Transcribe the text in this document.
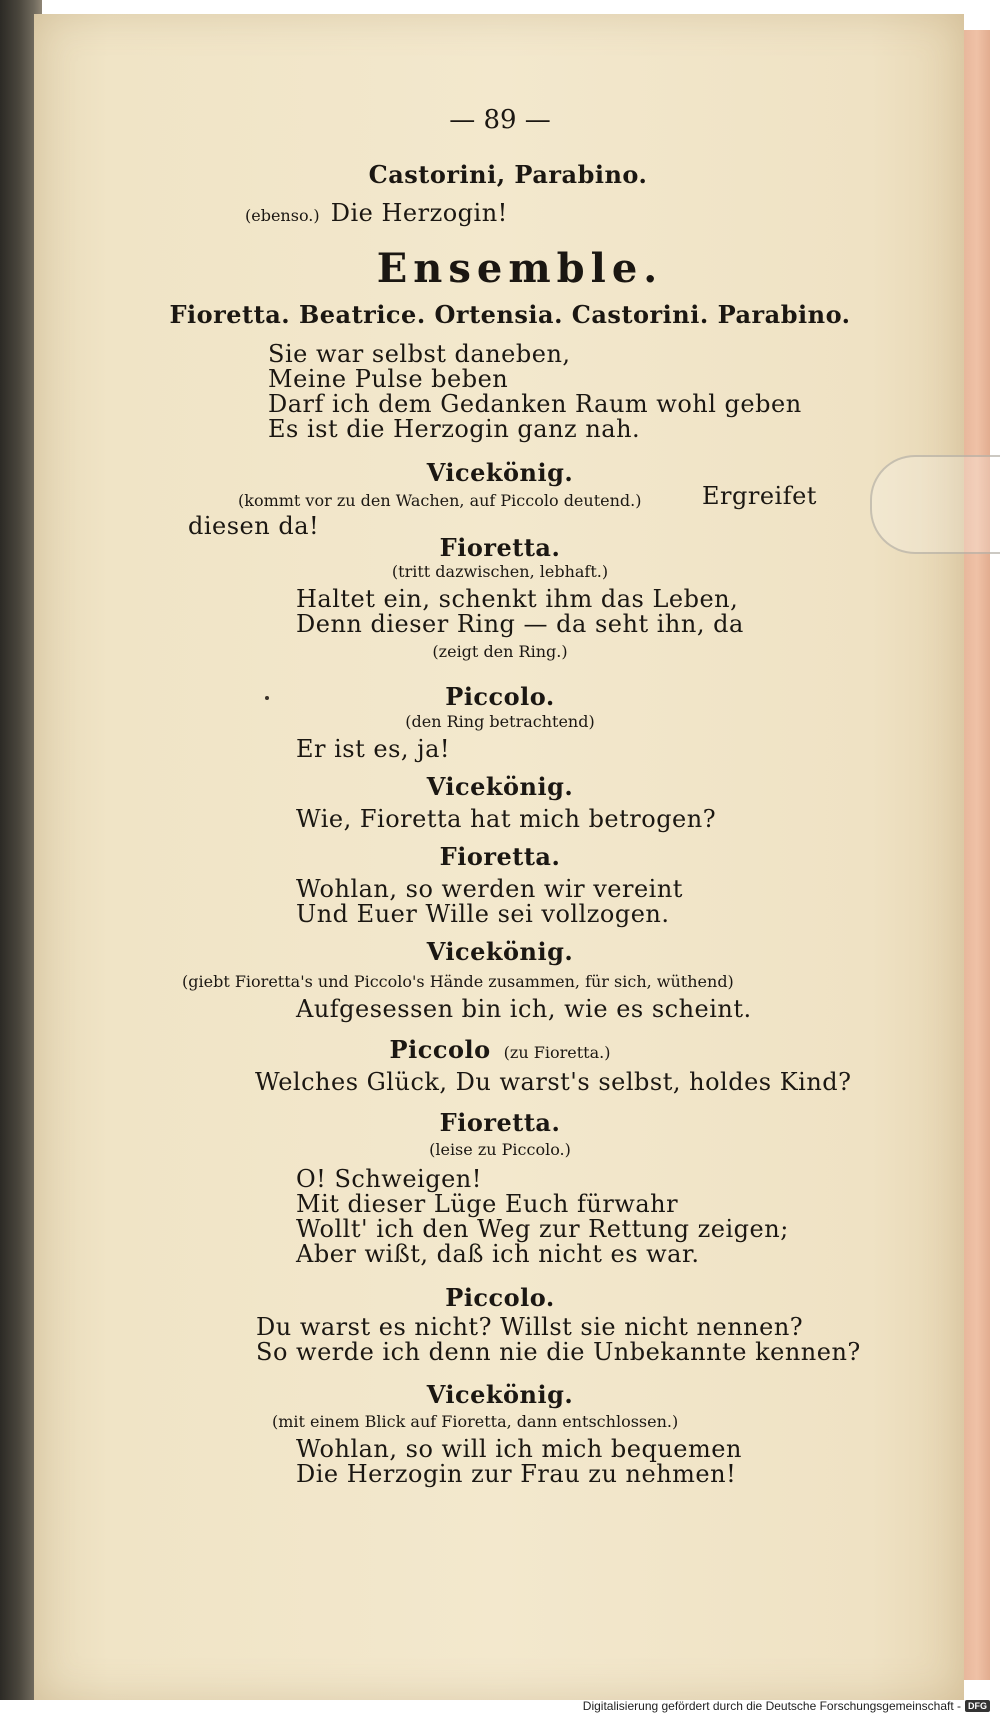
— 89 —
Castorini, Parabino.
(ebenso.) Die Herzogin!
Ensemble.
Fioretta. Beatrice. Ortensia. Castorini. Parabino.
Sie war selbst daneben,
Meine Pulse beben
Darf ich dem Gedanken Raum wohl geben
Es ist die Herzogin ganz nah.
Vicekönig.
(kommt vor zu den Wachen, auf Piccolo deutend.)	Ergreifet
diesen da!
Fioretta.
(tritt dazwischen, lebhaft.)
Haltet ein, schenkt ihm das Leben,
Denn dieser Ring — da seht ihn, da
(zeigt den Ring.)
Piccolo.
(den Ring betrachtend)
Er ist es, ja!
Vicekönig.
Wie, Fioretta hat mich betrogen?
Fioretta.
Wohlan, so werden wir vereint
Und Euer Wille sei vollzogen.
Vicekönig.
(giebt Fioretta's und Piccolo's Hände zusammen, für sich, wüthend)
Aufgesessen bin ich, wie es scheint.
Piccolo (zu Fioretta.)
Welches Glück, Du warst's selbst, holdes Kind?
Fioretta.
(leise zu Piccolo.)
O! Schweigen!
Mit dieser Lüge Euch fürwahr
Wollt' ich den Weg zur Rettung zeigen;
Aber wißt, daß ich nicht es war.
Piccolo.
Du warst es nicht? Willst sie nicht nennen?
So werde ich denn nie die Unbekannte kennen?
Vicekönig.
(mit einem Blick auf Fioretta, dann entschlossen.)
Wohlan, so will ich mich bequemen
Die Herzogin zur Frau zu nehmen!
Digitalisierung gefördert durch die Deutsche Forschungsgemeinschaft - DFG
